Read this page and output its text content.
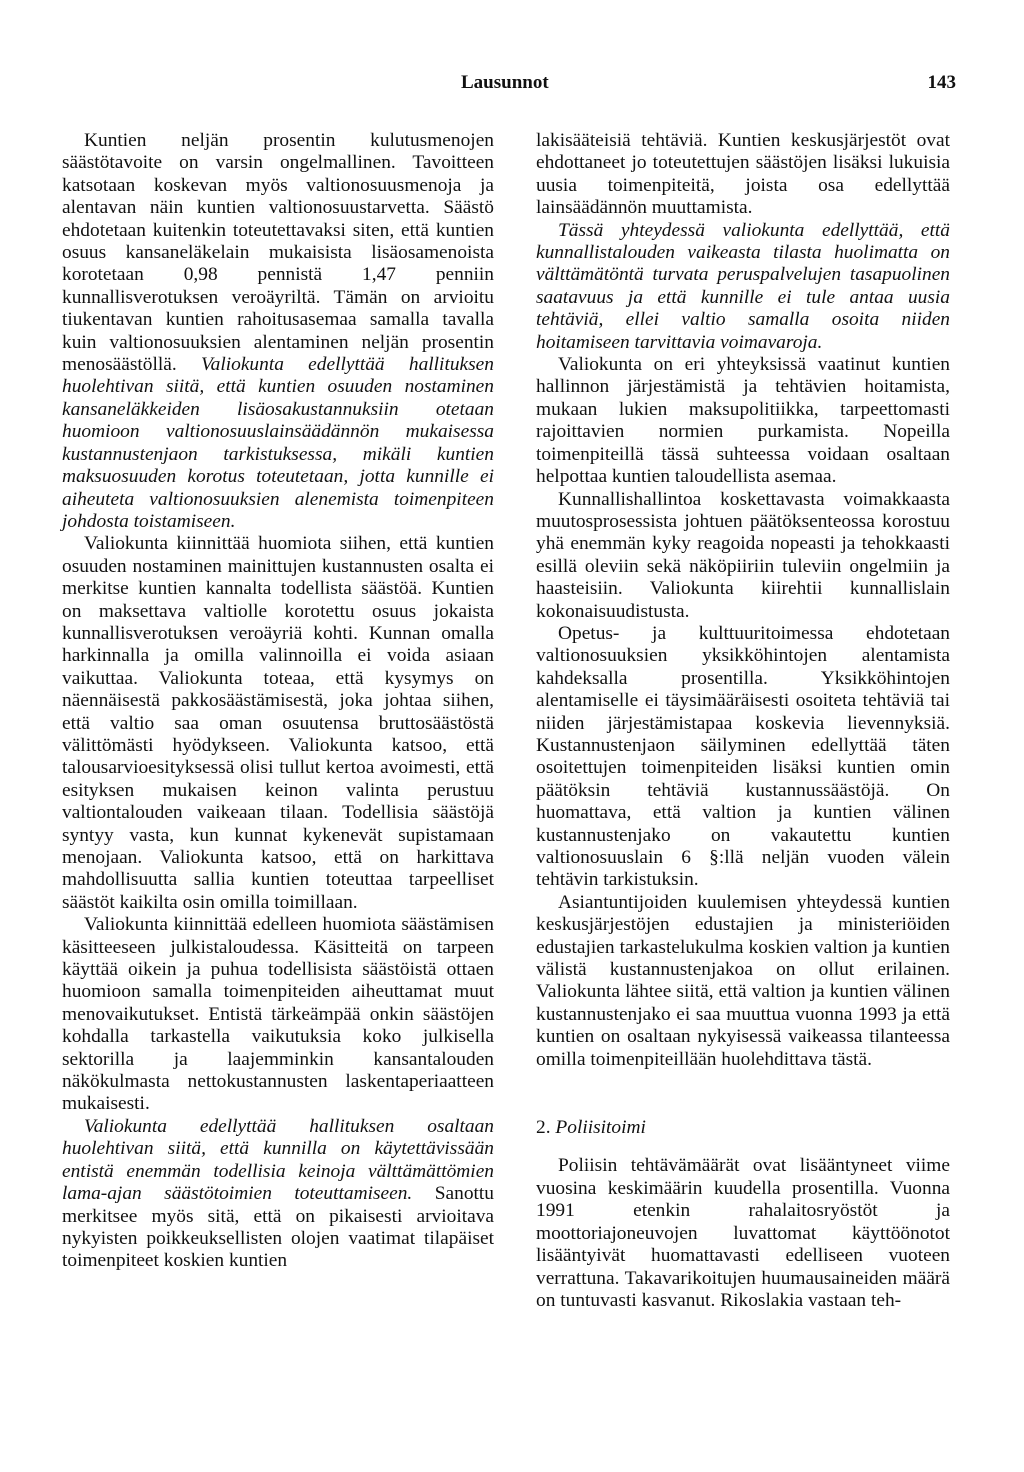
Lausunnot	143

Kuntien neljän prosentin kulutusmenojen säästötavoite on varsin ongelmallinen. Tavoitteen katsotaan koskevan myös valtionosuusmenoja ja alentavan näin kuntien valtionosuustarvetta. Säästö ehdotetaan kuitenkin toteutettavaksi siten, että kuntien osuus kansaneläkelain mukaisista lisäosamenoista korotetaan 0,98 pennistä 1,47 penniin kunnallisverotuksen veroäyriltä. Tämän on arvioitu tiukentavan kuntien rahoitusasemaa samalla tavalla kuin valtionosuuksien alentaminen neljän prosentin menosäästöllä. Valiokunta edellyttää hallituksen huolehtivan siitä, että kuntien osuuden nostaminen kansaneläkkeiden lisäosakustannuksiin otetaan huomioon valtionosuuslainsäädännön mukaisessa kustannustenjaon tarkistuksessa, mikäli kuntien maksuosuuden korotus toteutetaan, jotta kunnille ei aiheuteta valtionosuuksien alenemista toimenpiteen johdosta toistamiseen.

Valiokunta kiinnittää huomiota siihen, että kuntien osuuden nostaminen mainittujen kustannusten osalta ei merkitse kuntien kannalta todellista säästöä. Kuntien on maksettava valtiolle korotettu osuus jokaista kunnallisverotuksen veroäyriä kohti. Kunnan omalla harkinnalla ja omilla valinnoilla ei voida asiaan vaikuttaa. Valiokunta toteaa, että kysymys on näennäisestä pakkosäästämisestä, joka johtaa siihen, että valtio saa oman osuutensa bruttosäästöstä välittömästi hyödykseen. Valiokunta katsoo, että talousarvioesityksessä olisi tullut kertoa avoimesti, että esityksen mukaisen keinon valinta perustuu valtiontalouden vaikeaan tilaan. Todellisia säästöjä syntyy vasta, kun kunnat kykenevät supistamaan menojaan. Valiokunta katsoo, että on harkittava mahdollisuutta sallia kuntien toteuttaa tarpeelliset säästöt kaikilta osin omilla toimillaan.

Valiokunta kiinnittää edelleen huomiota säästämisen käsitteeseen julkistaloudessa. Käsitteitä on tarpeen käyttää oikein ja puhua todellisista säästöistä ottaen huomioon samalla toimenpiteiden aiheuttamat muut menovaikutukset. Entistä tärkeämpää onkin säästöjen kohdalla tarkastella vaikutuksia koko julkisella sektorilla ja laajemminkin kansantalouden näkökulmasta nettokustannusten laskentaperiaatteen mukaisesti.

Valiokunta edellyttää hallituksen osaltaan huolehtivan siitä, että kunnilla on käytettävissään entistä enemmän todellisia keinoja välttämättömien lama-ajan säästötoimien toteuttamiseen. Sanottu merkitsee myös sitä, että on pikaisesti arvioitava nykyisten poikkeuksellisten olojen vaatimat tilapäiset toimenpiteet koskien kuntien

lakisääteisiä tehtäviä. Kuntien keskusjärjestöt ovat ehdottaneet jo toteutettujen säästöjen lisäksi lukuisia uusia toimenpiteitä, joista osa edellyttää lainsäädännön muuttamista.

Tässä yhteydessä valiokunta edellyttää, että kunnallistalouden vaikeasta tilasta huolimatta on välttämätöntä turvata peruspalvelujen tasapuolinen saatavuus ja että kunnille ei tule antaa uusia tehtäviä, ellei valtio samalla osoita niiden hoitamiseen tarvittavia voimavaroja.

Valiokunta on eri yhteyksissä vaatinut kuntien hallinnon järjestämistä ja tehtävien hoitamista, mukaan lukien maksupolitiikka, tarpeettomasti rajoittavien normien purkamista. Nopeilla toimenpiteillä tässä suhteessa voidaan osaltaan helpottaa kuntien taloudellista asemaa.

Kunnallishallintoa koskettavasta voimakkaasta muutosprosessista johtuen päätöksenteossa korostuu yhä enemmän kyky reagoida nopeasti ja tehokkaasti esillä oleviin sekä näköpiiriin tuleviin ongelmiin ja haasteisiin. Valiokunta kiirehtii kunnallislain kokonaisuudistusta.

Opetus- ja kulttuuritoimessa ehdotetaan valtionosuuksien yksikköhintojen alentamista kahdeksalla prosentilla. Yksikköhintojen alentamiselle ei täysimääräisesti osoiteta tehtäviä tai niiden järjestämistapaa koskevia lievennyksiä. Kustannustenjaon säilyminen edellyttää täten osoitettujen toimenpiteiden lisäksi kuntien omin päätöksin tehtäviä kustannussäästöjä. On huomattava, että valtion ja kuntien välinen kustannustenjako on vakautettu kuntien valtionosuuslain 6 §:llä neljän vuoden välein tehtävin tarkistuksin.

Asiantuntijoiden kuulemisen yhteydessä kuntien keskusjärjestöjen edustajien ja ministeriöiden edustajien tarkastelukulma koskien valtion ja kuntien välistä kustannustenjakoa on ollut erilainen. Valiokunta lähtee siitä, että valtion ja kuntien välinen kustannustenjako ei saa muuttua vuonna 1993 ja että kuntien on osaltaan nykyisessä vaikeassa tilanteessa omilla toimenpiteillään huolehdittava tästä.

2. Poliisitoimi

Poliisin tehtävämäärät ovat lisääntyneet viime vuosina keskimäärin kuudella prosentilla. Vuonna 1991 etenkin rahalaitosryöstöt ja moottoriajoneuvojen luvattomat käyttöönotot lisääntyivät huomattavasti edelliseen vuoteen verrattuna. Takavarikoitujen huumausaineiden määrä on tuntuvasti kasvanut. Rikoslakia vastaan teh-
